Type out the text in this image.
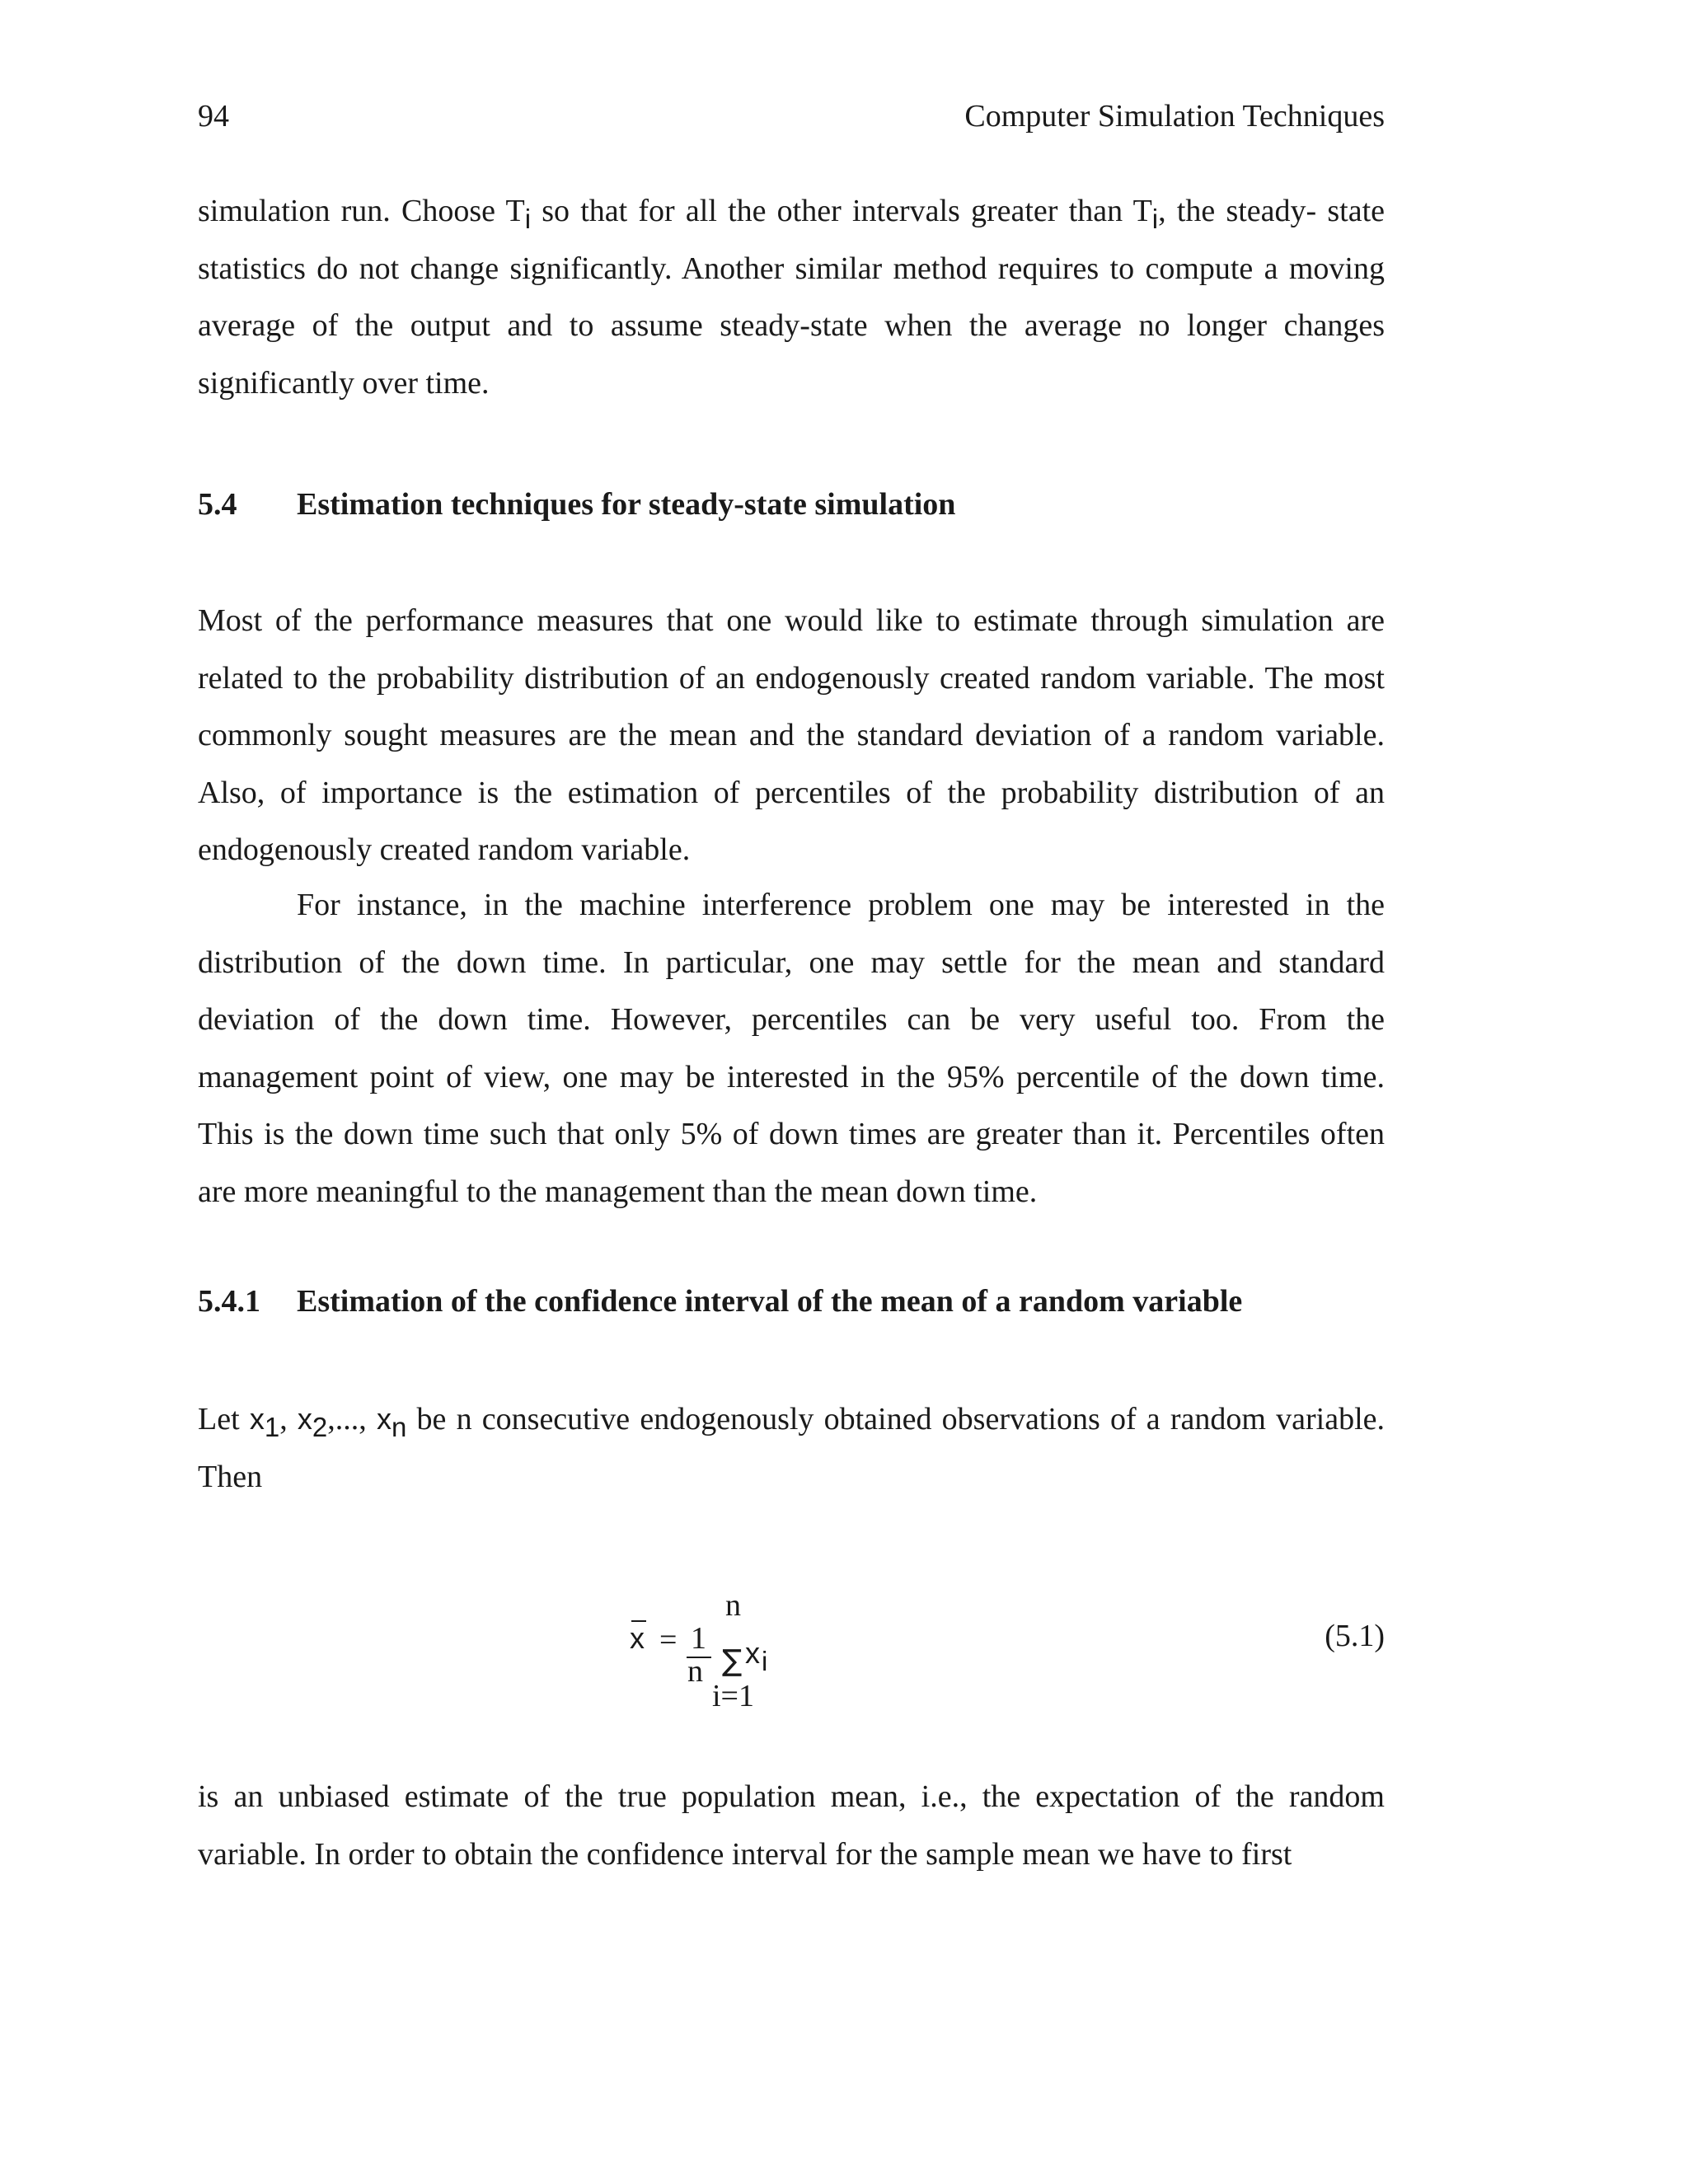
94	Computer Simulation Techniques

simulation run. Choose Ti so that for all the other intervals greater than Ti, the steady- state statistics do not change significantly. Another similar method requires to compute a moving average of the output and to assume steady-state when the average no longer changes significantly over time.

5.4 Estimation techniques for steady-state simulation

Most of the performance measures that one would like to estimate through simulation are related to the probability distribution of an endogenously created random variable. The most commonly sought measures are the mean and the standard deviation of a random variable. Also, of importance is the estimation of percentiles of the probability distribution of an endogenously created random variable.

For instance, in the machine interference problem one may be interested in the distribution of the down time. In particular, one may settle for the mean and standard deviation of the down time. However, percentiles can be very useful too. From the management point of view, one may be interested in the 95% percentile of the down time. This is the down time such that only 5% of down times are greater than it. Percentiles often are more meaningful to the management than the mean down time.

5.4.1 Estimation of the confidence interval of the mean of a random variable

Let x1, x2,..., xn be n consecutive endogenously obtained observations of a random variable. Then

x = 1
n
n
∑ x i
i=1
(5.1)

is an unbiased estimate of the true population mean, i.e., the expectation of the random variable. In order to obtain the confidence interval for the sample mean we have to first
